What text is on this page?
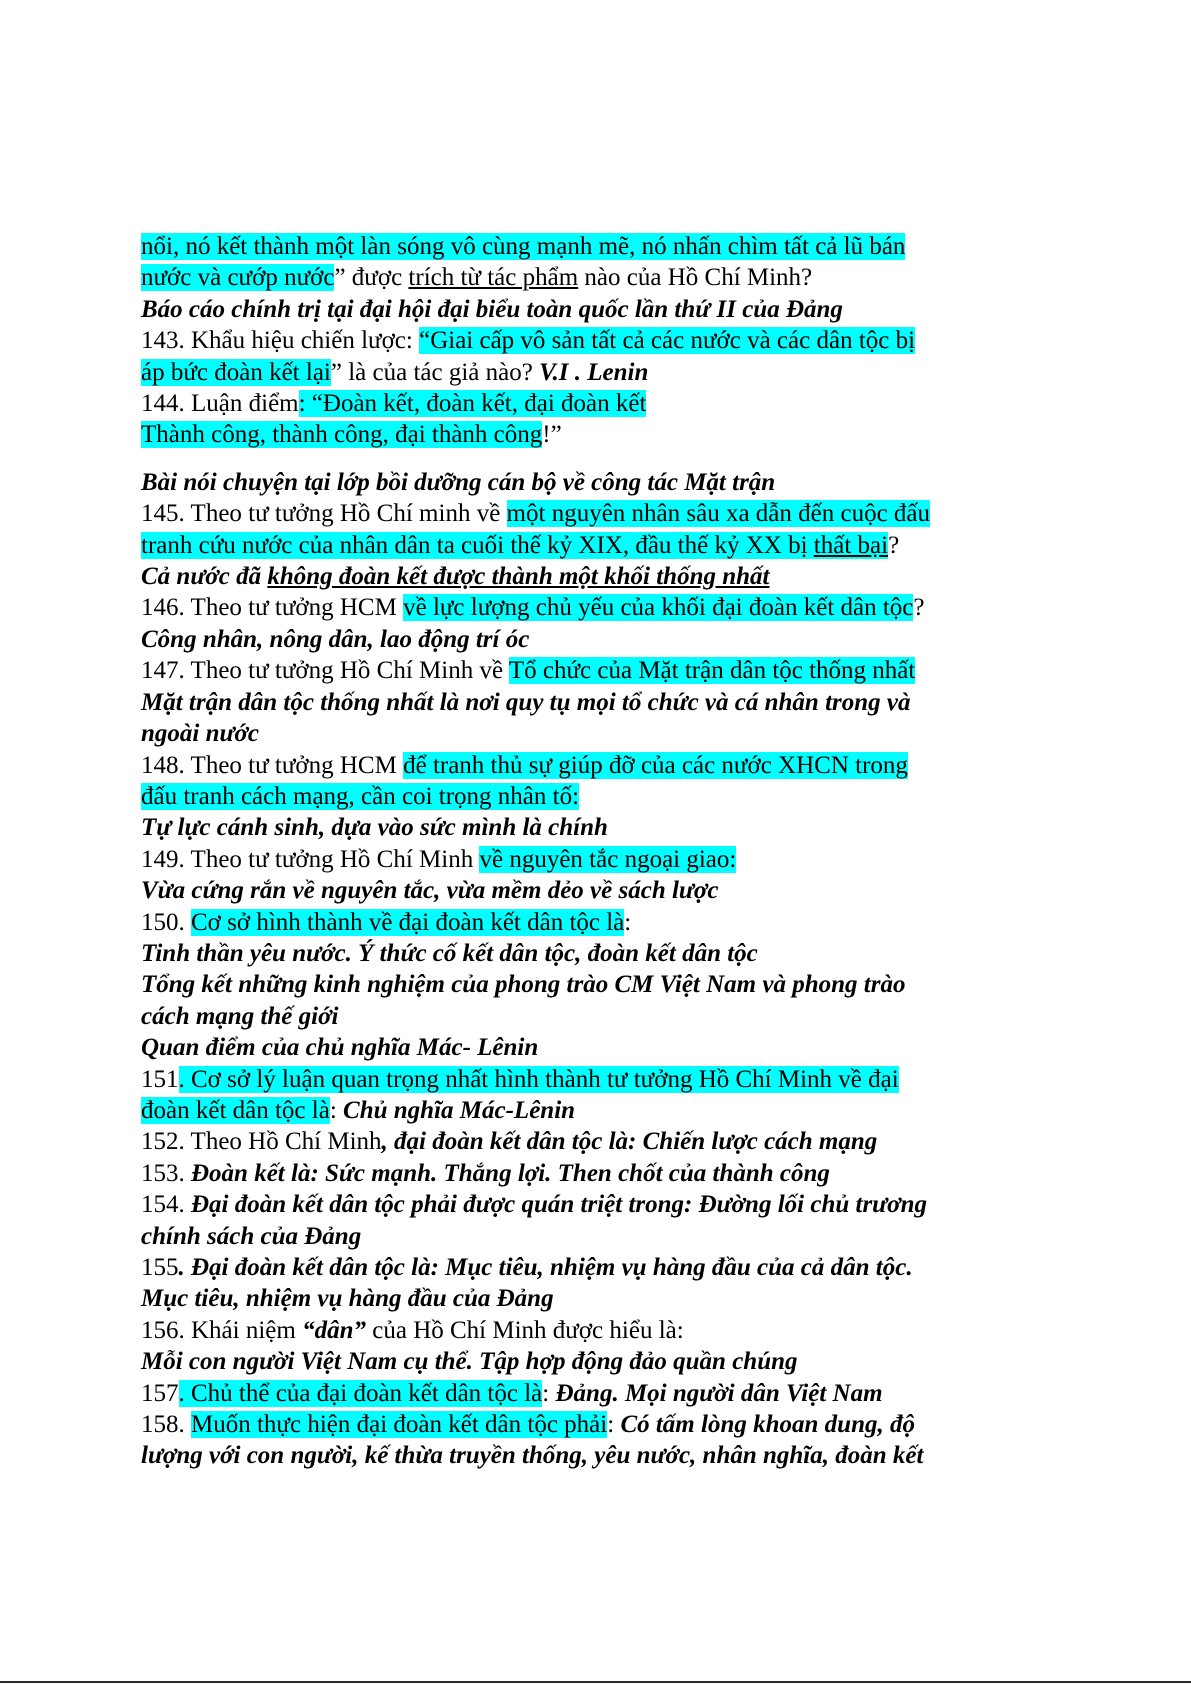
nổi, nó kết thành một làn sóng vô cùng mạnh mẽ, nó nhấn chìm tất cả lũ bán
nước và cướp nước” được trích từ tác phẩm nào của Hồ Chí Minh?
Báo cáo chính trị tại đại hội đại biểu toàn quốc lần thứ II của Đảng
143. Khẩu hiệu chiến lược: “Giai cấp vô sản tất cả các nước và các dân tộc bị
áp bức đoàn kết lại” là của tác giả nào? V.I . Lenin
144. Luận điểm: “Đoàn kết, đoàn kết, đại đoàn kết
Thành công, thành công, đại thành công!”
Bài nói chuyện tại lớp bồi dưỡng cán bộ về công tác Mặt trận
145. Theo tư tưởng Hồ Chí minh về một nguyên nhân sâu xa dẫn đến cuộc đấu
tranh cứu nước của nhân dân ta cuối thế kỷ XIX, đầu thế kỷ XX bị thất bại?
Cả nước đã không đoàn kết được thành một khối thống nhất
146. Theo tư tưởng HCM về lực lượng chủ yếu của khối đại đoàn kết dân tộc?
Công nhân, nông dân, lao động trí óc
147. Theo tư tưởng Hồ Chí Minh về Tổ chức của Mặt trận dân tộc thống nhất
Mặt trận dân tộc thống nhất là nơi quy tụ mọi tổ chức và cá nhân trong và
ngoài nước
148. Theo tư tưởng HCM để tranh thủ sự giúp đỡ của các nước XHCN trong
đấu tranh cách mạng, cần coi trọng nhân tố:
Tự lực cánh sinh, dựa vào sức mình là chính
149. Theo tư tưởng Hồ Chí Minh về nguyên tắc ngoại giao:
Vừa cứng rắn về nguyên tắc, vừa mềm dẻo về sách lược
150. Cơ sở hình thành về đại đoàn kết dân tộc là:
Tinh thần yêu nước. Ý thức cố kết dân tộc, đoàn kết dân tộc
Tổng kết những kinh nghiệm của phong trào CM Việt Nam và phong trào
cách mạng thế giới
Quan điểm của chủ nghĩa Mác- Lênin
151. Cơ sở lý luận quan trọng nhất hình thành tư tưởng Hồ Chí Minh về đại
đoàn kết dân tộc là: Chủ nghĩa Mác-Lênin
152. Theo Hồ Chí Minh, đại đoàn kết dân tộc là: Chiến lược cách mạng
153. Đoàn kết là: Sức mạnh. Thắng lợi. Then chốt của thành công
154. Đại đoàn kết dân tộc phải được quán triệt trong: Đường lối chủ trương
chính sách của Đảng
155. Đại đoàn kết dân tộc là: Mục tiêu, nhiệm vụ hàng đầu của cả dân tộc.
Mục tiêu, nhiệm vụ hàng đầu của Đảng
156. Khái niệm “dân” của Hồ Chí Minh được hiểu là:
Mỗi con người Việt Nam cụ thể. Tập hợp động đảo quần chúng
157. Chủ thể của đại đoàn kết dân tộc là: Đảng. Mọi người dân Việt Nam
158. Muốn thực hiện đại đoàn kết dân tộc phải: Có tấm lòng khoan dung, độ
lượng với con người, kế thừa truyền thống, yêu nước, nhân nghĩa, đoàn kết
